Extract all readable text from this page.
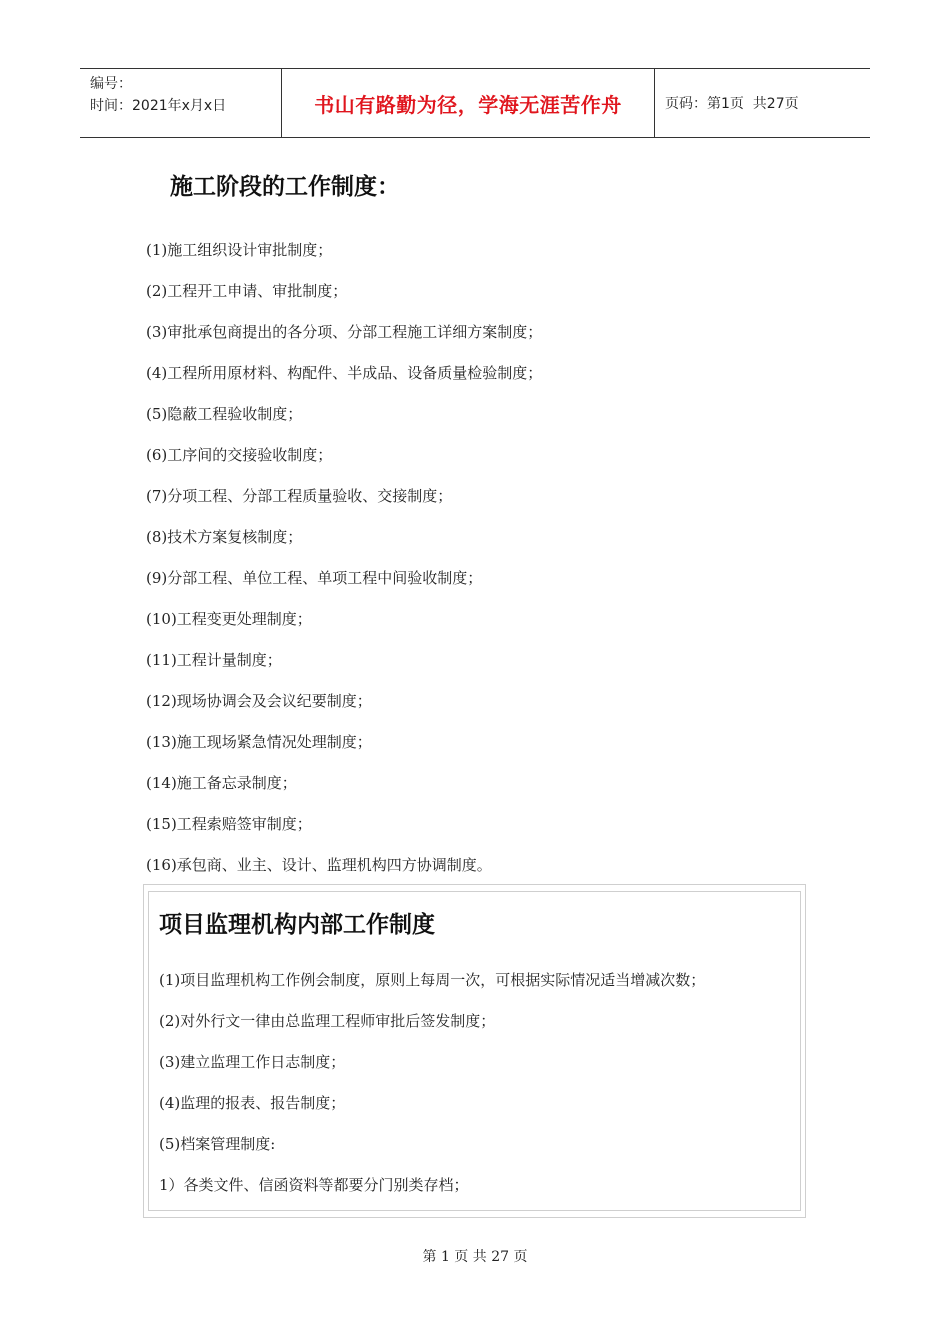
编号：
时间：2021年x月x日	书山有路勤为径，学海无涯苦作舟	页码：第1页  共27页
施工阶段的工作制度：
(1)施工组织设计审批制度；
(2)工程开工申请、审批制度；
(3)审批承包商提出的各分项、分部工程施工详细方案制度；
(4)工程所用原材料、构配件、半成品、设备质量检验制度；
(5)隐蔽工程验收制度；
(6)工序间的交接验收制度；
(7)分项工程、分部工程质量验收、交接制度；
(8)技术方案复核制度；
(9)分部工程、单位工程、单项工程中间验收制度；
(10)工程变更处理制度；
(11)工程计量制度；
(12)现场协调会及会议纪要制度；
(13)施工现场紧急情况处理制度；
(14)施工备忘录制度；
(15)工程索赔签审制度；
(16)承包商、业主、设计、监理机构四方协调制度。
项目监理机构内部工作制度
(1)项目监理机构工作例会制度，原则上每周一次，可根据实际情况适当增减次数；
(2)对外行文一律由总监理工程师审批后签发制度；
(3)建立监理工作日志制度；
(4)监理的报表、报告制度；
(5)档案管理制度:
1）各类文件、信函资料等都要分门别类存档；
第 1 页 共 27 页
